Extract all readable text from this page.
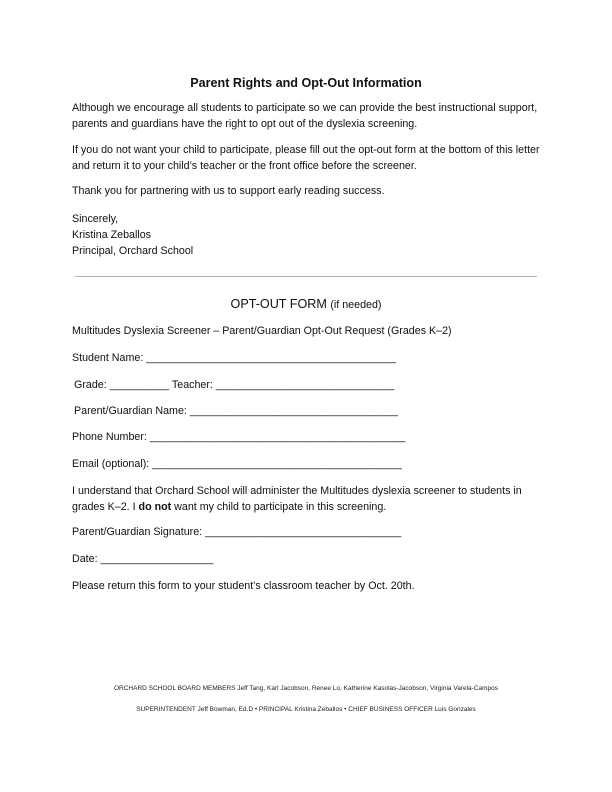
Parent Rights and Opt-Out Information

Although we encourage all students to participate so we can provide the best instructional support, parents and guardians have the right to opt out of the dyslexia screening.

If you do not want your child to participate, please fill out the opt-out form at the bottom of this letter and return it to your child’s teacher or the front office before the screener.

Thank you for partnering with us to support early reading success.

Sincerely,
Kristina Zeballos
Principal, Orchard School
OPT-OUT FORM (if needed)
Multitudes Dyslexia Screener – Parent/Guardian Opt-Out Request (Grades K–2)
Student Name: __________________________________________
Grade: __________ Teacher: ______________________________
Parent/Guardian Name: ___________________________________
Phone Number: ___________________________________________
Email (optional): __________________________________________

I understand that Orchard School will administer the Multitudes dyslexia screener to students in grades K–2. I do not want my child to participate in this screening.

Parent/Guardian Signature: _________________________________
Date: ___________________
Please return this form to your student’s classroom teacher by Oct. 20th.
ORCHARD SCHOOL BOARD MEMBERS Jeff Tang, Karl Jacobson, Renee Lo, Katherine Kasolas-Jacobson, Virginia Varela-Campos
SUPERINTENDENT Jeff Bowman, Ed.D • PRINCIPAL Kristina Zeballos • CHIEF BUSINESS OFFICER Luis Gonzales
